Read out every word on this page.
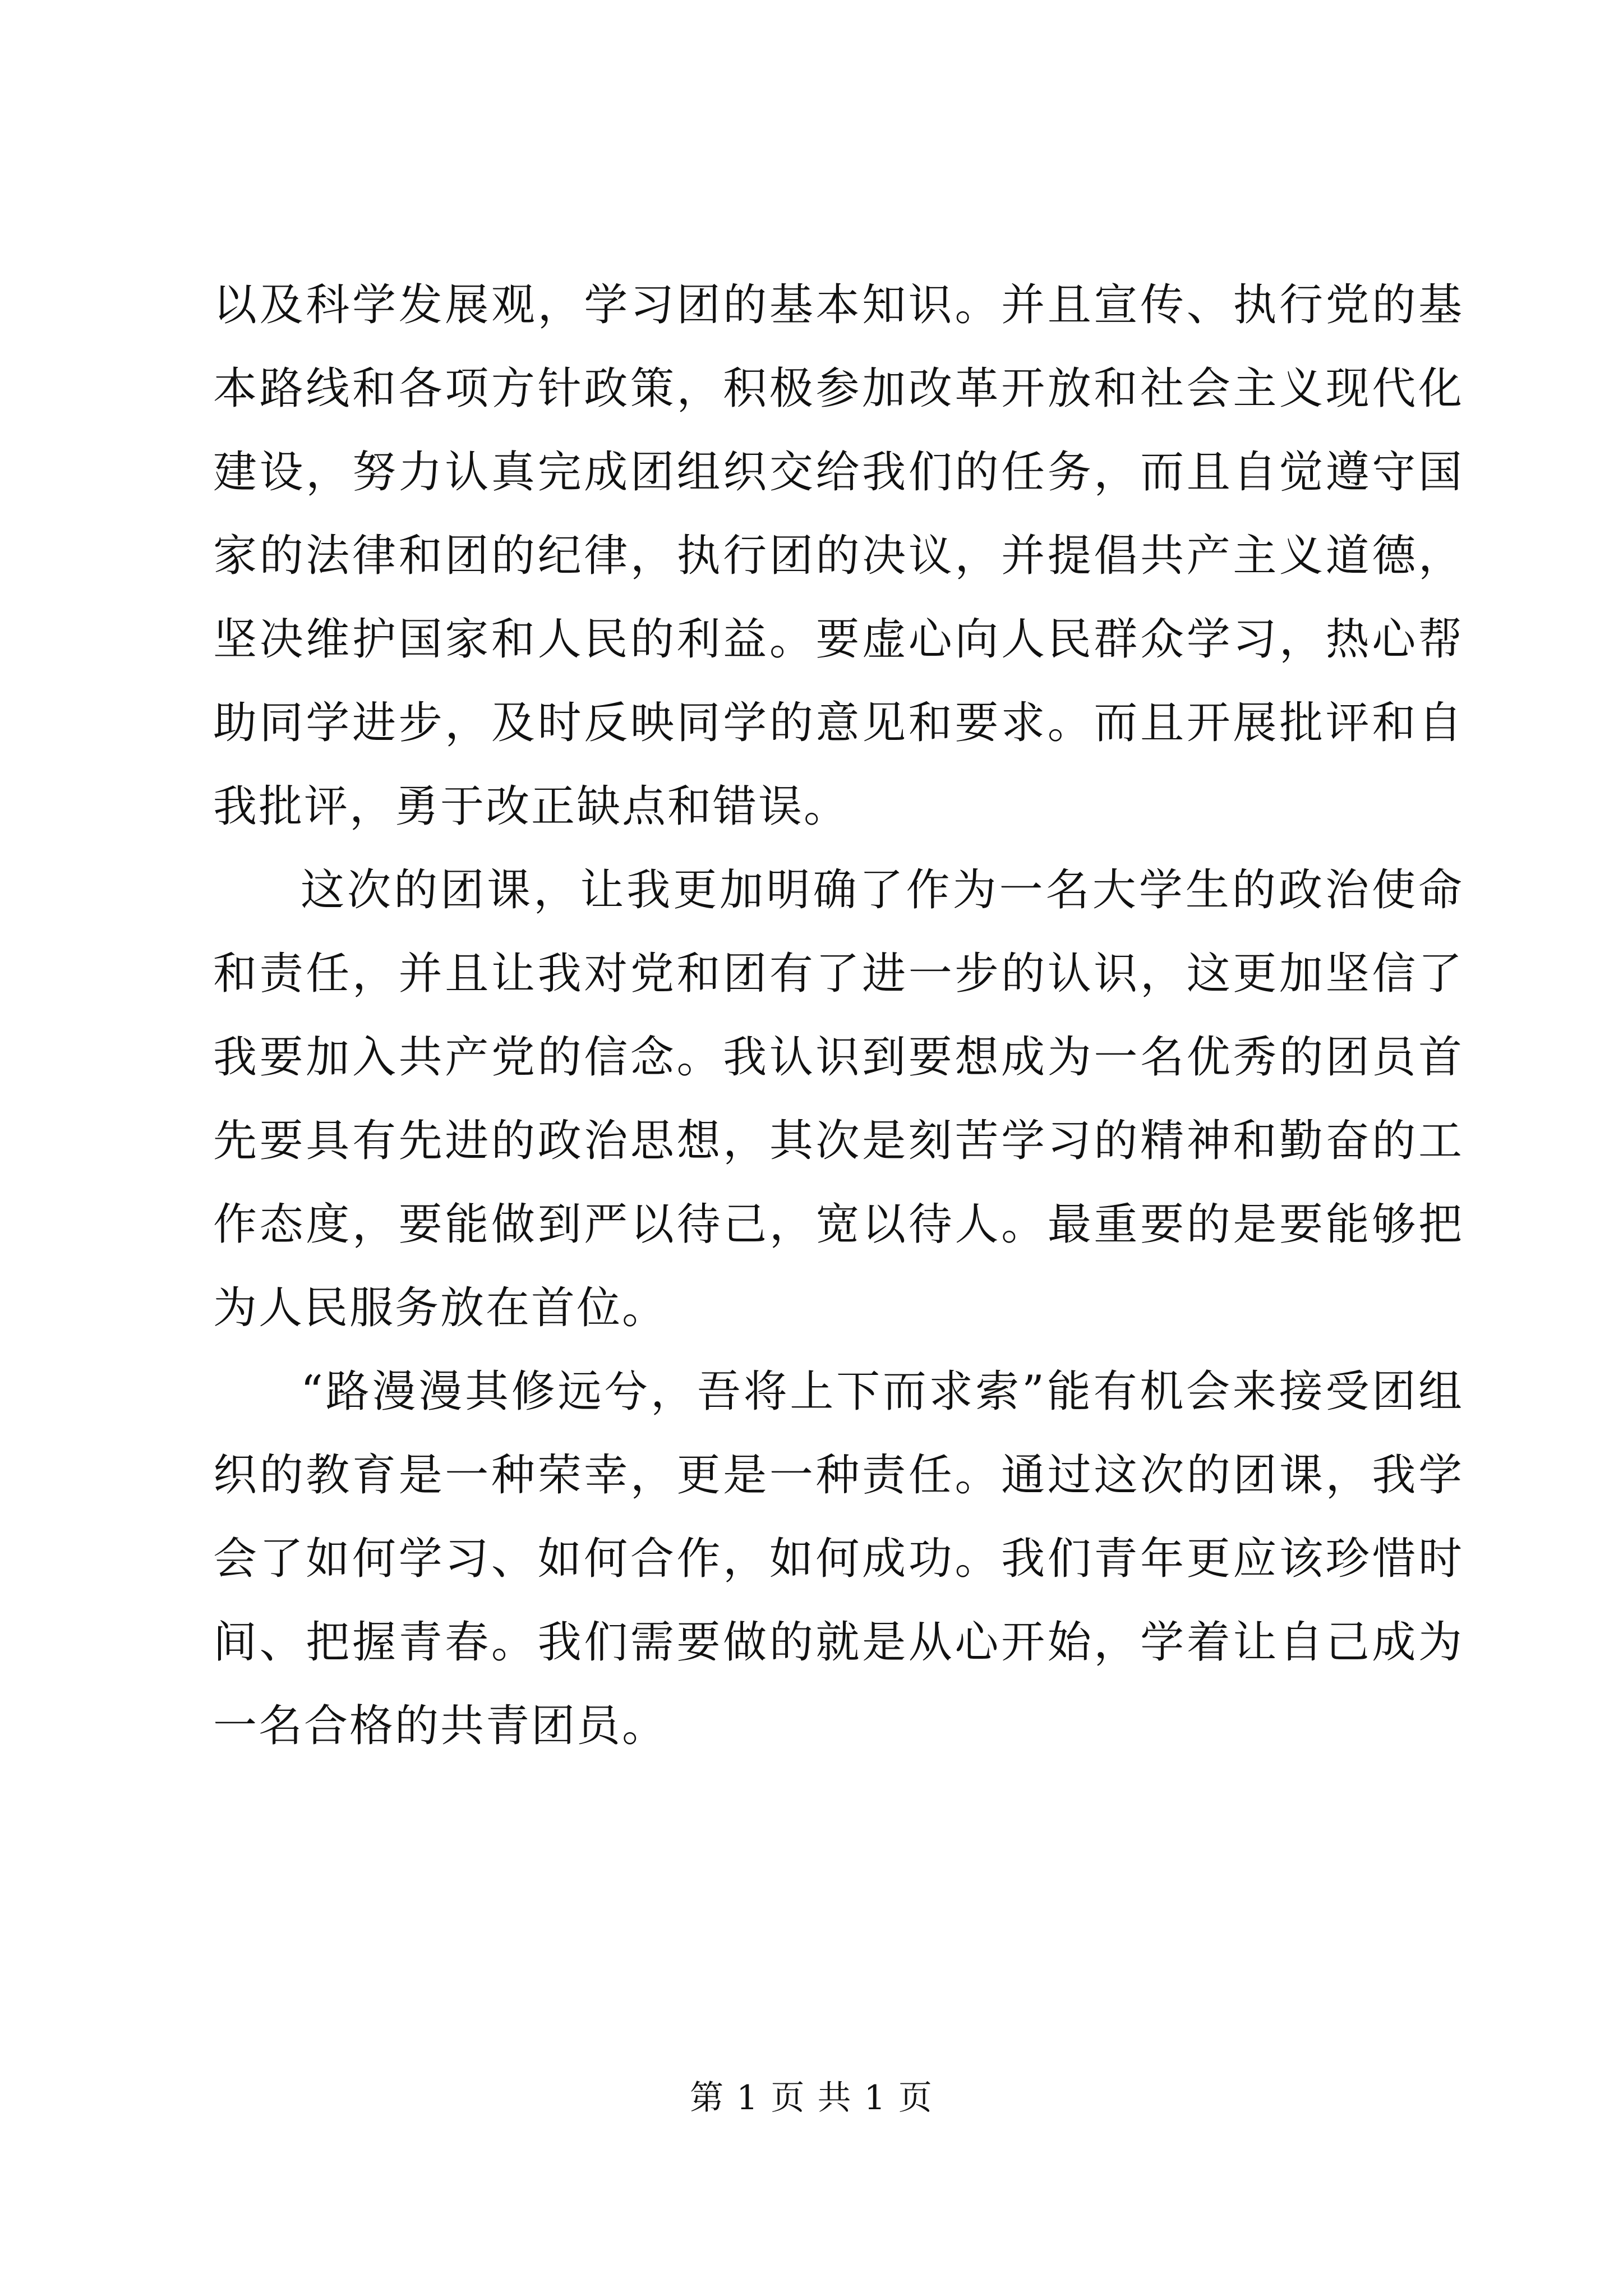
以及科学发展观，学习团的基本知识。并且宣传、执行党的基本路线和各项方针政策，积极参加改革开放和社会主义现代化建设，努力认真完成团组织交给我们的任务，而且自觉遵守国家的法律和团的纪律，执行团的决议，并提倡共产主义道德，坚决维护国家和人民的利益。要虚心向人民群众学习，热心帮助同学进步，及时反映同学的意见和要求。而且开展批评和自我批评，勇于改正缺点和错误。

这次的团课，让我更加明确了作为一名大学生的政治使命和责任，并且让我对党和团有了进一步的认识，这更加坚信了我要加入共产党的信念。我认识到要想成为一名优秀的团员首先要具有先进的政治思想，其次是刻苦学习的精神和勤奋的工作态度，要能做到严以待己，宽以待人。最重要的是要能够把为人民服务放在首位。

“路漫漫其修远兮，吾将上下而求索”能有机会来接受团组织的教育是一种荣幸，更是一种责任。通过这次的团课，我学会了如何学习、如何合作，如何成功。我们青年更应该珍惜时间、把握青春。我们需要做的就是从心开始，学着让自己成为一名合格的共青团员。

第 1 页 共 1 页
